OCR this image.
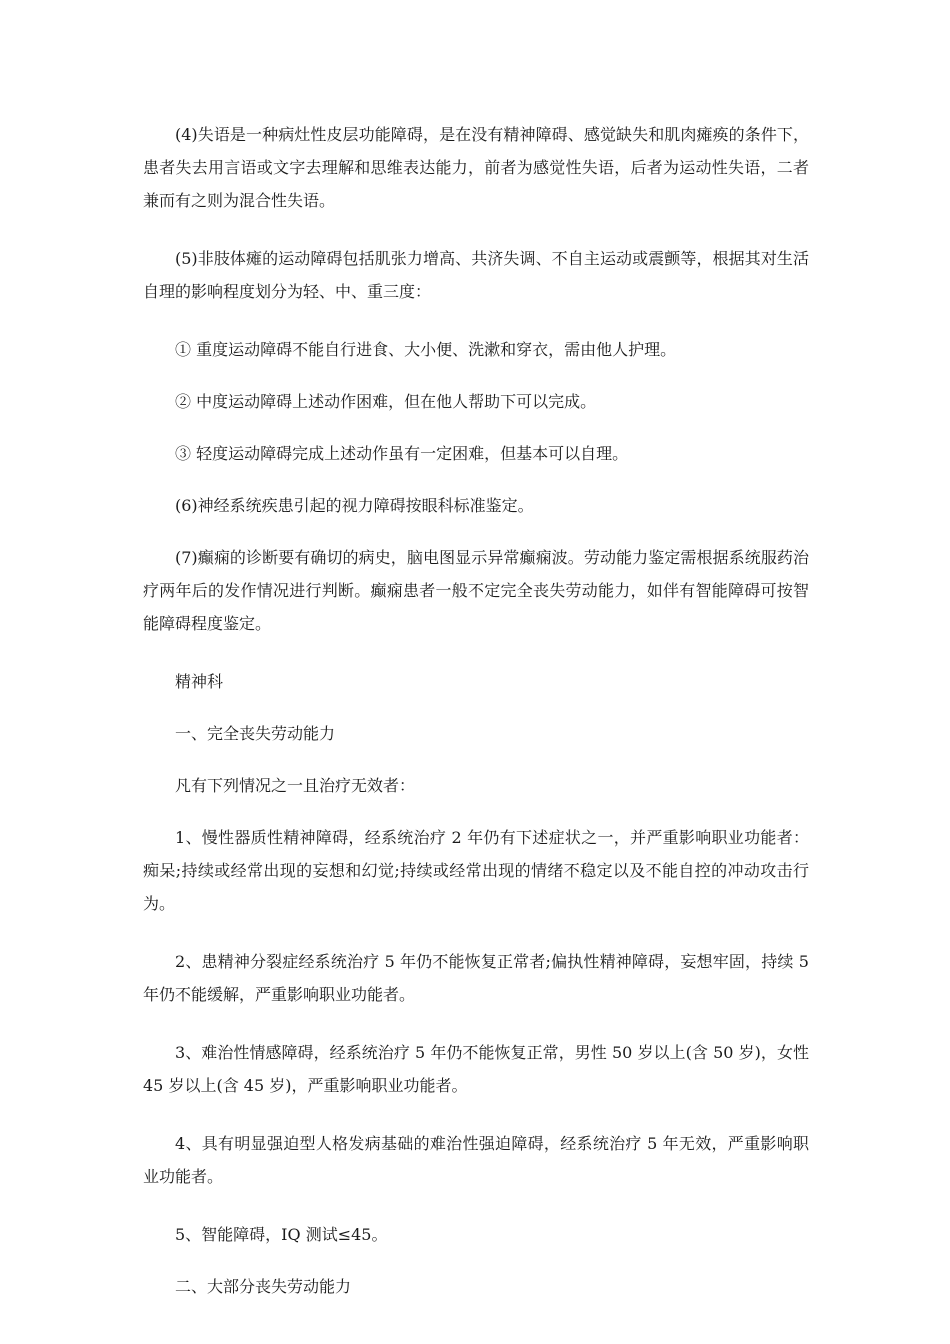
(4)失语是一种病灶性皮层功能障碍，是在没有精神障碍、感觉缺失和肌肉瘫痪的条件下，患者失去用言语或文字去理解和思维表达能力，前者为感觉性失语，后者为运动性失语，二者兼而有之则为混合性失语。

(5)非肢体瘫的运动障碍包括肌张力增高、共济失调、不自主运动或震颤等，根据其对生活自理的影响程度划分为轻、中、重三度：

① 重度运动障碍不能自行进食、大小便、洗漱和穿衣，需由他人护理。

② 中度运动障碍上述动作困难，但在他人帮助下可以完成。

③ 轻度运动障碍完成上述动作虽有一定困难，但基本可以自理。

(6)神经系统疾患引起的视力障碍按眼科标准鉴定。

(7)癫痫的诊断要有确切的病史，脑电图显示异常癫痫波。劳动能力鉴定需根据系统服药治疗两年后的发作情况进行判断。癫痫患者一般不定完全丧失劳动能力，如伴有智能障碍可按智能障碍程度鉴定。

精神科

一、完全丧失劳动能力

凡有下列情况之一且治疗无效者：

1、慢性器质性精神障碍，经系统治疗 2 年仍有下述症状之一，并严重影响职业功能者：痴呆;持续或经常出现的妄想和幻觉;持续或经常出现的情绪不稳定以及不能自控的冲动攻击行为。

2、患精神分裂症经系统治疗 5 年仍不能恢复正常者;偏执性精神障碍，妄想牢固，持续 5 年仍不能缓解，严重影响职业功能者。

3、难治性情感障碍，经系统治疗 5 年仍不能恢复正常，男性 50 岁以上(含 50 岁)，女性 45 岁以上(含 45 岁)，严重影响职业功能者。

4、具有明显强迫型人格发病基础的难治性强迫障碍，经系统治疗 5 年无效，严重影响职业功能者。

5、智能障碍，IQ 测试≤45。

二、大部分丧失劳动能力
